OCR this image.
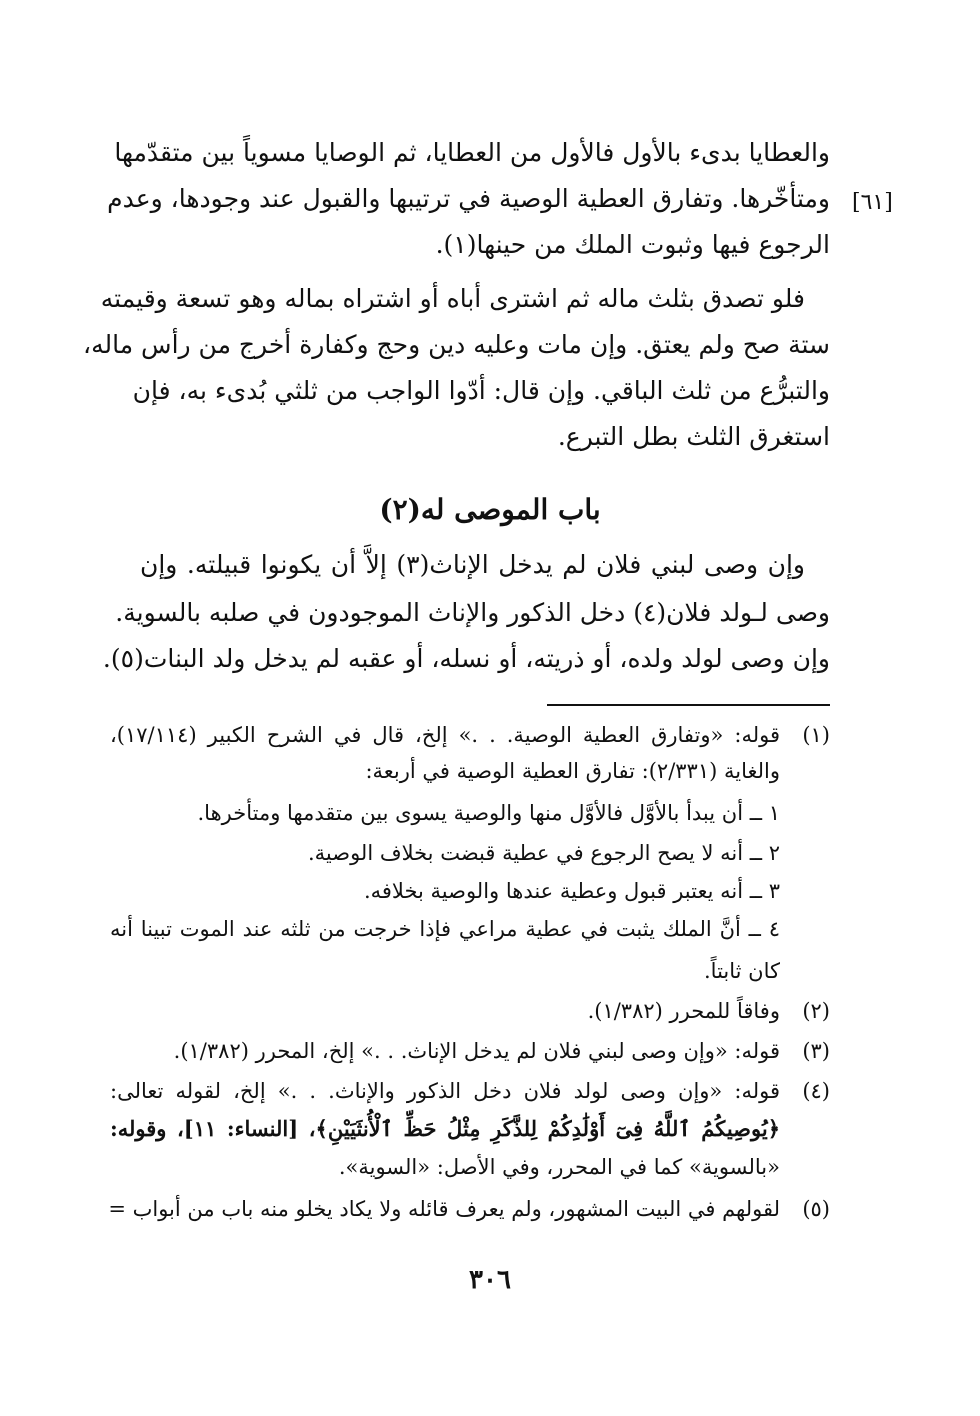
والعطايا بدىء بالأول فالأول من العطايا، ثم الوصايا مسوياً بين متقدّمها
ومتأخّرها. وتفارق العطية الوصية في ترتيبها والقبول عند وجودها، وعدم
الرجوع فيها وثبوت الملك من حينها(١).
[٦١]
فلو تصدق بثلث ماله ثم اشترى أباه أو اشتراه بماله وهو تسعة وقيمته
ستة صح ولم يعتق. وإن مات وعليه دين وحج وكفارة أخرج من رأس ماله،
والتبرُّع من ثلث الباقي. وإن قال: أدّوا الواجب من ثلثي بُدىء به، فإن
استغرق الثلث بطل التبرع.
باب الموصى له(٢)
وإن وصى لبني فلان لم يدخل الإناث(٣) إلاَّ أن يكونوا قبيلته. وإن
وصى لـولد فلان(٤) دخل الذكور والإناث الموجودون في صلبه بالسوية.
وإن وصى لولد ولده، أو ذريته، أو نسله، أو عقبه لم يدخل ولد البنات(٥).
(١)
قوله: «وتفارق العطية الوصية. . .» إلخ، قال في الشرح الكبير (١٧/١١٤)،
والغاية (٢/٣٣١): تفارق العطية الوصية في أربعة:
١ ــ أن يبدأ بالأوَّل فالأوَّل منها والوصية يسوى بين متقدمها ومتأخرها.
٢ ــ أنه لا يصح الرجوع في عطية قبضت بخلاف الوصية.
٣ ــ أنه يعتبر قبول وعطية عندها والوصية بخلافه.
٤ ــ أنَّ الملك يثبت في عطية مراعي فإذا خرجت من ثلثه عند الموت تبينا أنه
كان ثابتاً.
(٢)
وفاقاً للمحرر (١/٣٨٢).
(٣)
قوله: «وإن وصى لبني فلان لم يدخل الإناث. . .» إلخ، المحرر (١/٣٨٢).
(٤)
قوله: «وإن وصى لولد فلان دخل الذكور والإناث. . .» إلخ، لقوله تعالى:
﴿يُوصِيكُمُ ٱللَّهُ فِىٓ أَوْلَٰدِكُمْ لِلذَّكَرِ مِثْلُ حَظِّ ٱلْأُنثَيَيْنِ﴾، [النساء: ١١]، وقوله:
«بالسوية» كما في المحرر، وفي الأصل: «السوية».
(٥)
لقولهم في البيت المشهور، ولم يعرف قائله ولا يكاد يخلو منه باب من أبواب =
٣٠٦
